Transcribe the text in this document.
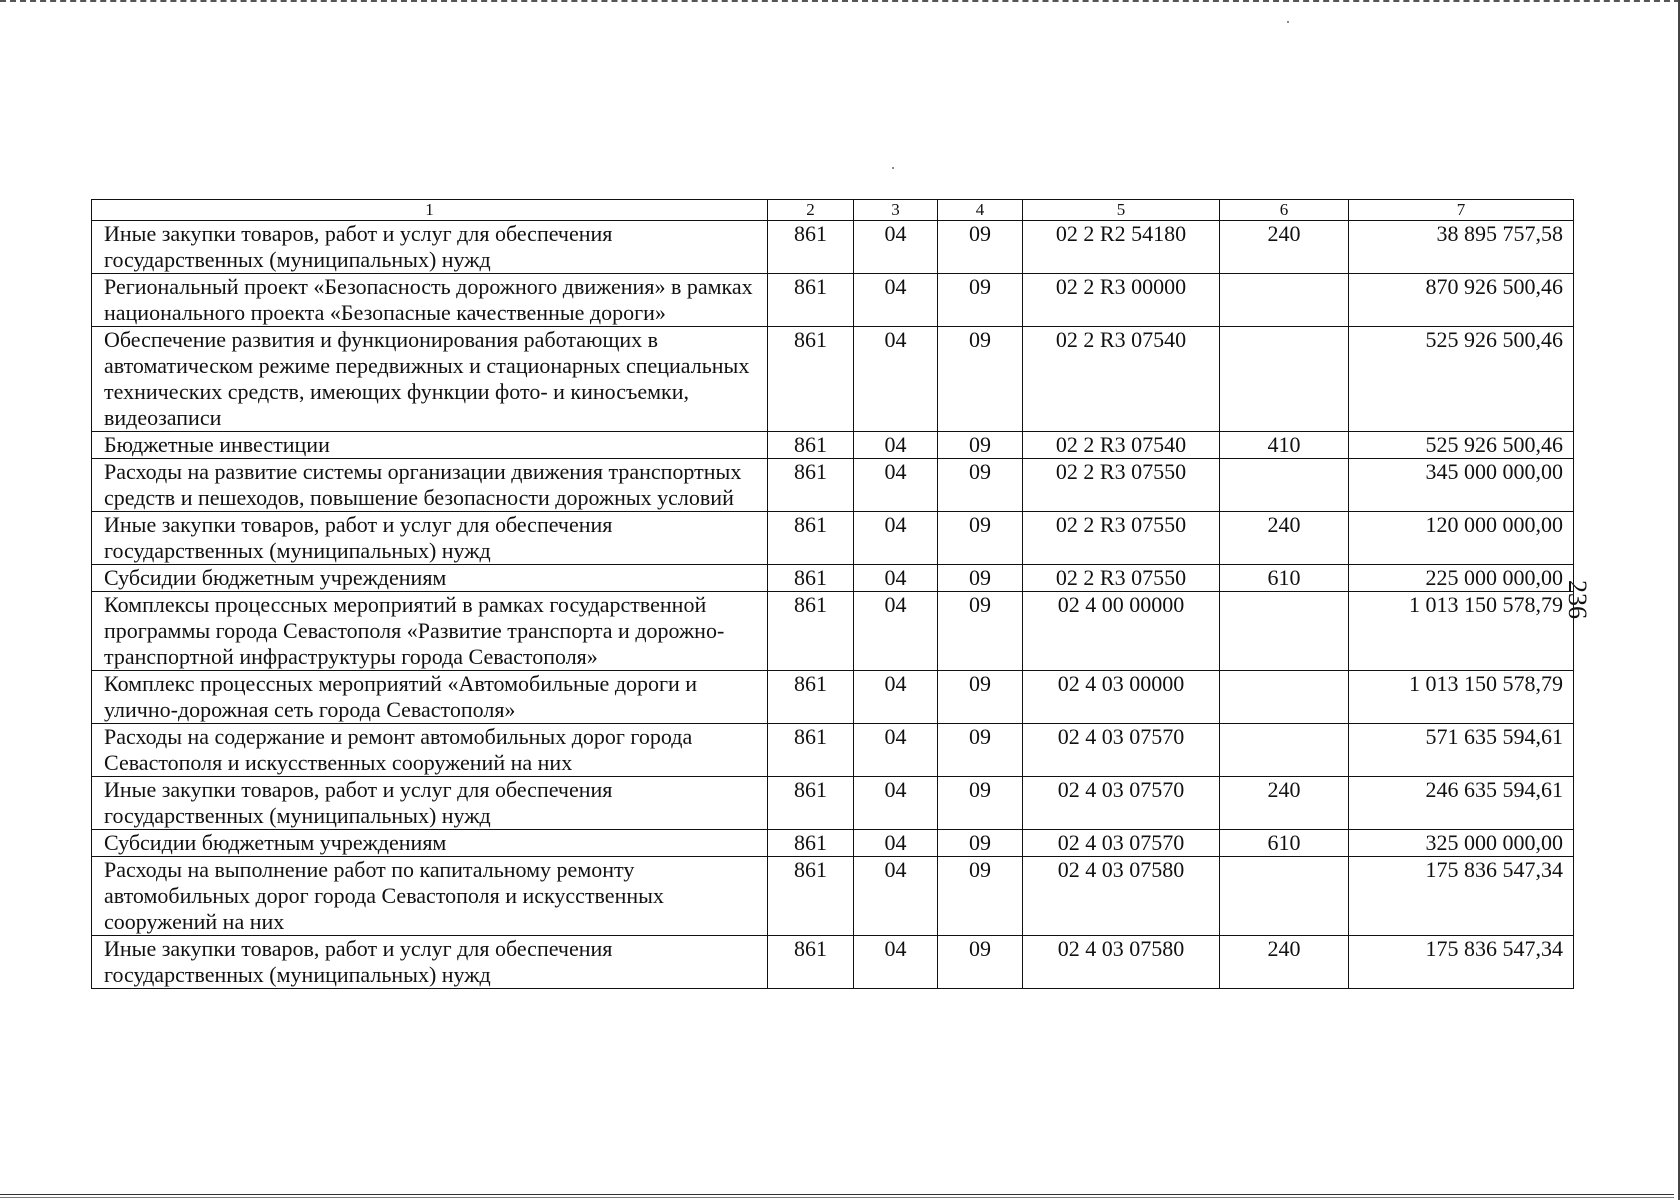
236
1	2	3	4	5	6	7
Иные закупки товаров, работ и услуг для обеспечения государственных (муниципальных) нужд	861	04	09	02 2 R2 54180	240	38 895 757,58
Региональный проект «Безопасность дорожного движения» в рамках национального проекта «Безопасные качественные дороги»	861	04	09	02 2 R3 00000		870 926 500,46
Обеспечение развития и функционирования работающих в автоматическом режиме передвижных и стационарных специальных технических средств, имеющих функции фото- и киносъемки, видеозаписи	861	04	09	02 2 R3 07540		525 926 500,46
Бюджетные инвестиции	861	04	09	02 2 R3 07540	410	525 926 500,46
Расходы на развитие системы организации движения транспортных средств и пешеходов, повышение безопасности дорожных условий	861	04	09	02 2 R3 07550		345 000 000,00
Иные закупки товаров, работ и услуг для обеспечения государственных (муниципальных) нужд	861	04	09	02 2 R3 07550	240	120 000 000,00
Субсидии бюджетным учреждениям	861	04	09	02 2 R3 07550	610	225 000 000,00
Комплексы процессных мероприятий в рамках государственной программы города Севастополя «Развитие транспорта и дорожно-транспортной инфраструктуры города Севастополя»	861	04	09	02 4 00 00000		1 013 150 578,79
Комплекс процессных мероприятий «Автомобильные дороги и улично-дорожная сеть города Севастополя»	861	04	09	02 4 03 00000		1 013 150 578,79
Расходы на содержание и ремонт автомобильных дорог города Севастополя и искусственных сооружений на них	861	04	09	02 4 03 07570		571 635 594,61
Иные закупки товаров, работ и услуг для обеспечения государственных (муниципальных) нужд	861	04	09	02 4 03 07570	240	246 635 594,61
Субсидии бюджетным учреждениям	861	04	09	02 4 03 07570	610	325 000 000,00
Расходы на выполнение работ по капитальному ремонту автомобильных дорог города Севастополя и искусственных сооружений на них	861	04	09	02 4 03 07580		175 836 547,34
Иные закупки товаров, работ и услуг для обеспечения государственных (муниципальных) нужд	861	04	09	02 4 03 07580	240	175 836 547,34
